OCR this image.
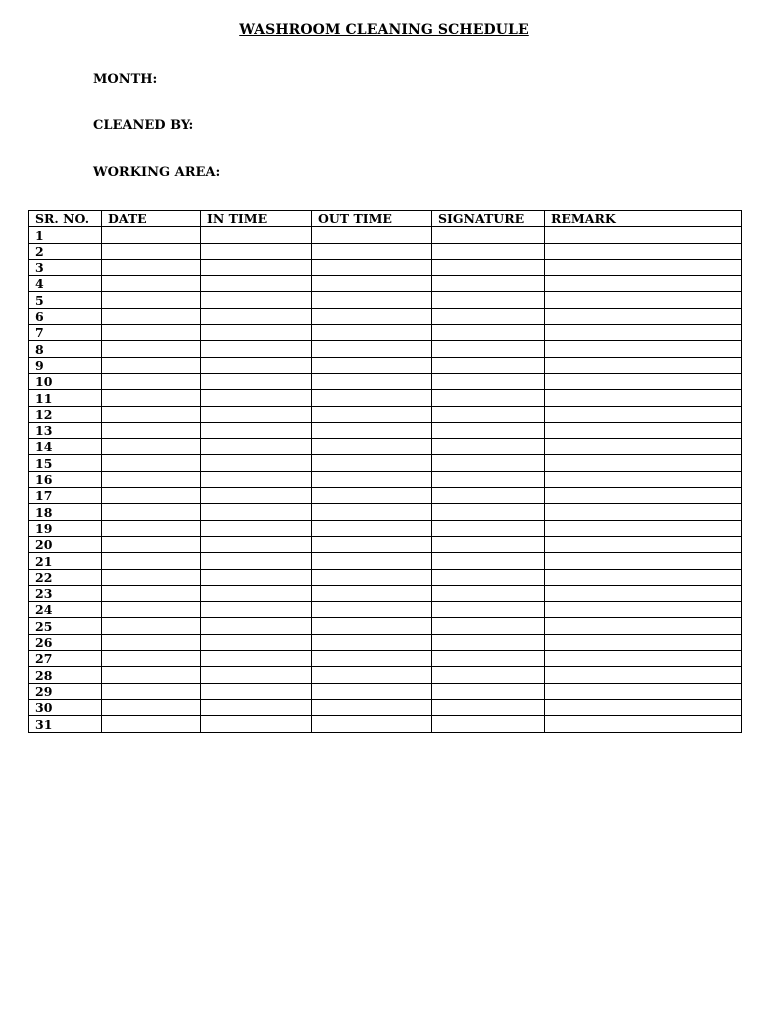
WASHROOM CLEANING SCHEDULE
MONTH:
CLEANED BY:
WORKING AREA:
SR. NO.	DATE	IN TIME	OUT TIME	SIGNATURE	REMARK
1					
2					
3					
4					
5					
6					
7					
8					
9					
10					
11					
12					
13					
14					
15					
16					
17					
18					
19					
20					
21					
22					
23					
24					
25					
26					
27					
28					
29					
30					
31					
